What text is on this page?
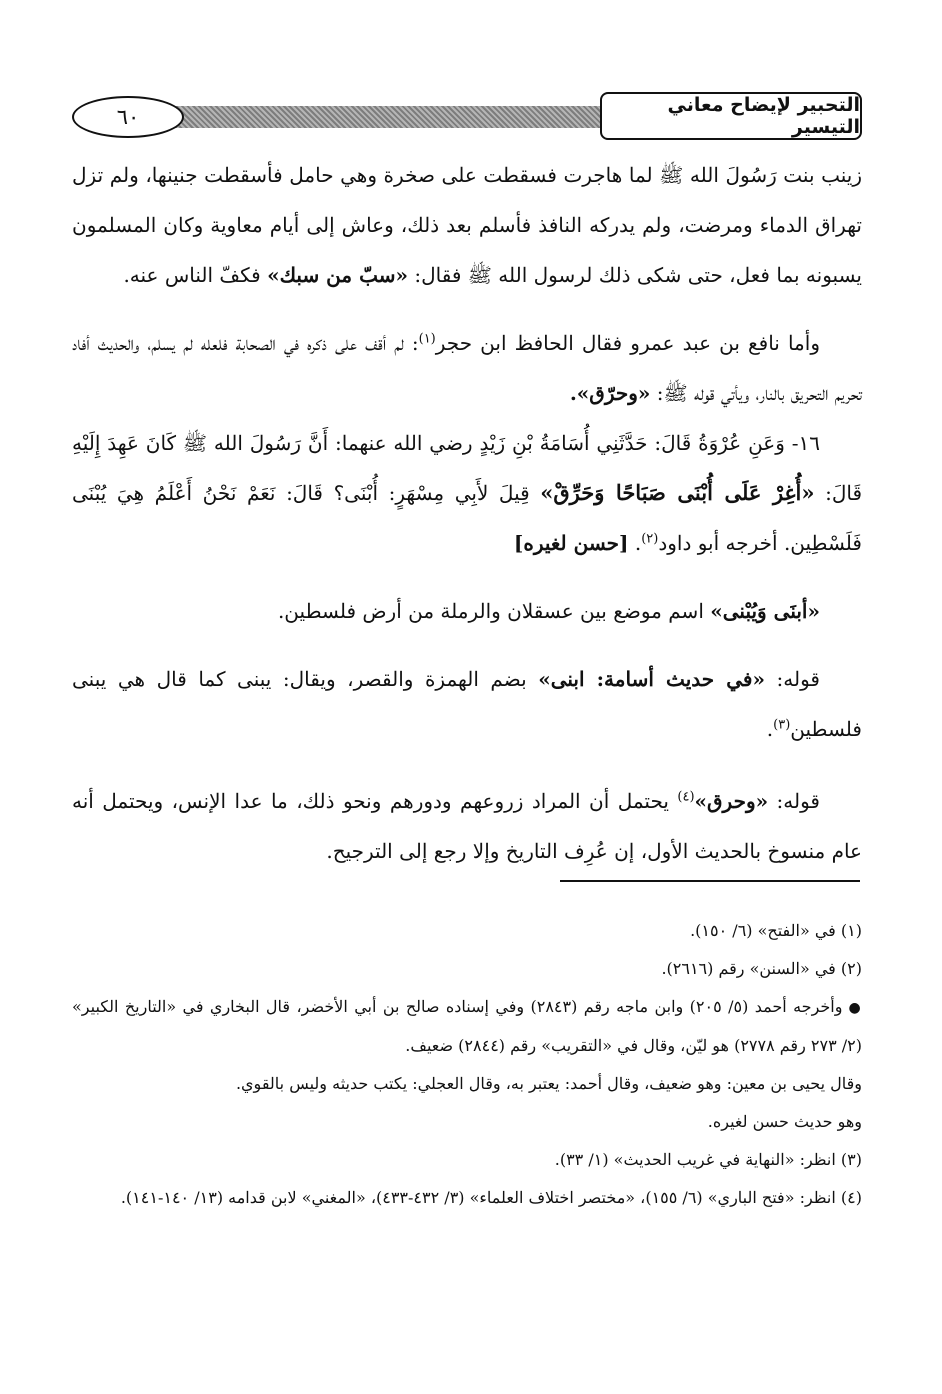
التحبير لإيضاح معاني التيسير
٦٠

زينب بنت رَسُولَ الله ﷺ لما هاجرت فسقطت على صخرة وهي حامل فأسقطت جنينها، ولم تزل تهراق الدماء ومرضت، ولم يدركه النافذ فأسلم بعد ذلك، وعاش إلى أيام معاوية وكان المسلمون يسبونه بما فعل، حتى شكى ذلك لرسول الله ﷺ فقال: «سبّ من سبك» فكفّ الناس عنه.

وأما نافع بن عبد عمرو فقال الحافظ ابن حجر$^{(١)}$: لم أقف على ذكره في الصحابة فلعله لم يسلم، والحديث أفاد تحريم التحريق بالنار، ويأتي قوله ﷺ: «وحرّق».

١٦- وَعَنِ عُرْوَةُ قَالَ: حَدَّثَنِي أُسَامَةُ بْنِ زَيْدٍ رضي الله عنهما: أَنَّ رَسُولَ الله ﷺ كَانَ عَهِدَ إِلَيْهِ قَالَ: «أُغِرْ عَلَى أُبْنَى صَبَاحًا وَحَرِّقْ» قِيلَ لأَبِي مِسْهَرٍ: أُبْنَى؟ قَالَ: نَعَمْ نَحْنُ أَعْلَمُ هِيَ يُبْنَى فَلَسْطِين. أخرجه أبو داود$^{(٢)}$. [حسن لغيره]

«أبنَى وَيُبْنى» اسم موضع بين عسقلان والرملة من أرض فلسطين.

قوله: «في حديث أسامة: ابنى» بضم الهمزة والقصر، ويقال: يبنى كما قال هي يبنى فلسطين$^{(٣)}$.

قوله: «وحرق»$^{(٤)}$ يحتمل أن المراد زروعهم ودورهم ونحو ذلك، ما عدا الإنس، ويحتمل أنه عام منسوخ بالحديث الأول، إن عُرِف التاريخ وإلا رجع إلى الترجيح.

(١) في «الفتح» (٦/ ١٥٠).

(٢) في «السنن» رقم (٢٦١٦).

●وأخرجه أحمد (٥/ ٢٠٥) وابن ماجه رقم (٢٨٤٣) وفي إسناده صالح بن أبي الأخضر، قال البخاري في «التاريخ الكبير» (٢/ ٢٧٣ رقم ٢٧٧٨) هو ليّن، وقال في «التقريب» رقم (٢٨٤٤) ضعيف.

وقال يحيى بن معين: وهو ضعيف، وقال أحمد: يعتبر به، وقال العجلي: يكتب حديثه وليس بالقوي.

وهو حديث حسن لغيره.

(٣) انظر: «النهاية في غريب الحديث» (١/ ٣٣).

(٤) انظر: «فتح الباري» (٦/ ١٥٥)، «مختصر اختلاف العلماء» (٣/ ٤٣٢-٤٣٣)، «المغني» لابن قدامه (١٣/ ١٤٠-١٤١).
